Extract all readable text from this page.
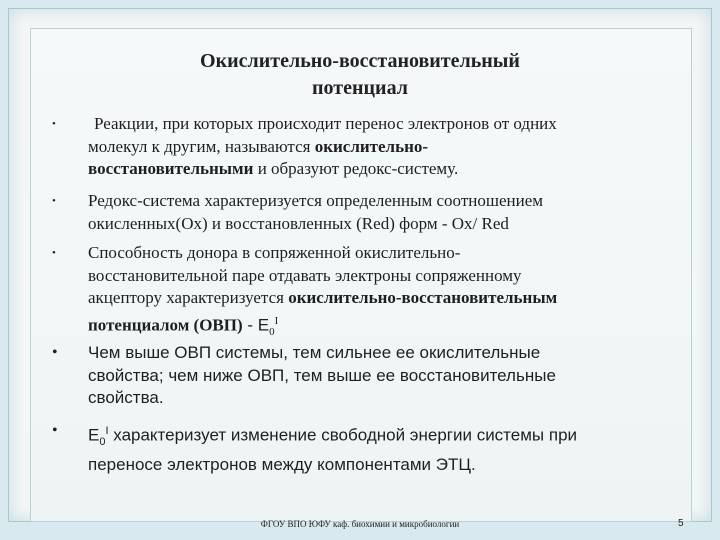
Окислительно-восстановительный
потенциал
•	Реакции, при которых происходит перенос электронов от одних
молекул к другим, называются окислительно-
восстановительными и образуют редокс-систему.
•	Редокс-система характеризуется определенным соотношением
окисленных(Ox) и восстановленных (Red) форм - Ox/ Red
•	Способность донора в сопряженной окислительно-
восстановительной паре отдавать электроны сопряженному
акцептору характеризуется окислительно-восстановительным
потенциалом $(ОВП) - E_0^I$
•	Чем выше ОВП системы, тем сильнее ее окислительные
свойства; чем ниже ОВП, тем выше ее восстановительные
свойства.
•	$E_0^I$ характеризует изменение свободной энергии системы при
переносе электронов между компонентами ЭТЦ.
ФГОУ ВПО ЮФУ каф. биохимии и микробиологии	5
